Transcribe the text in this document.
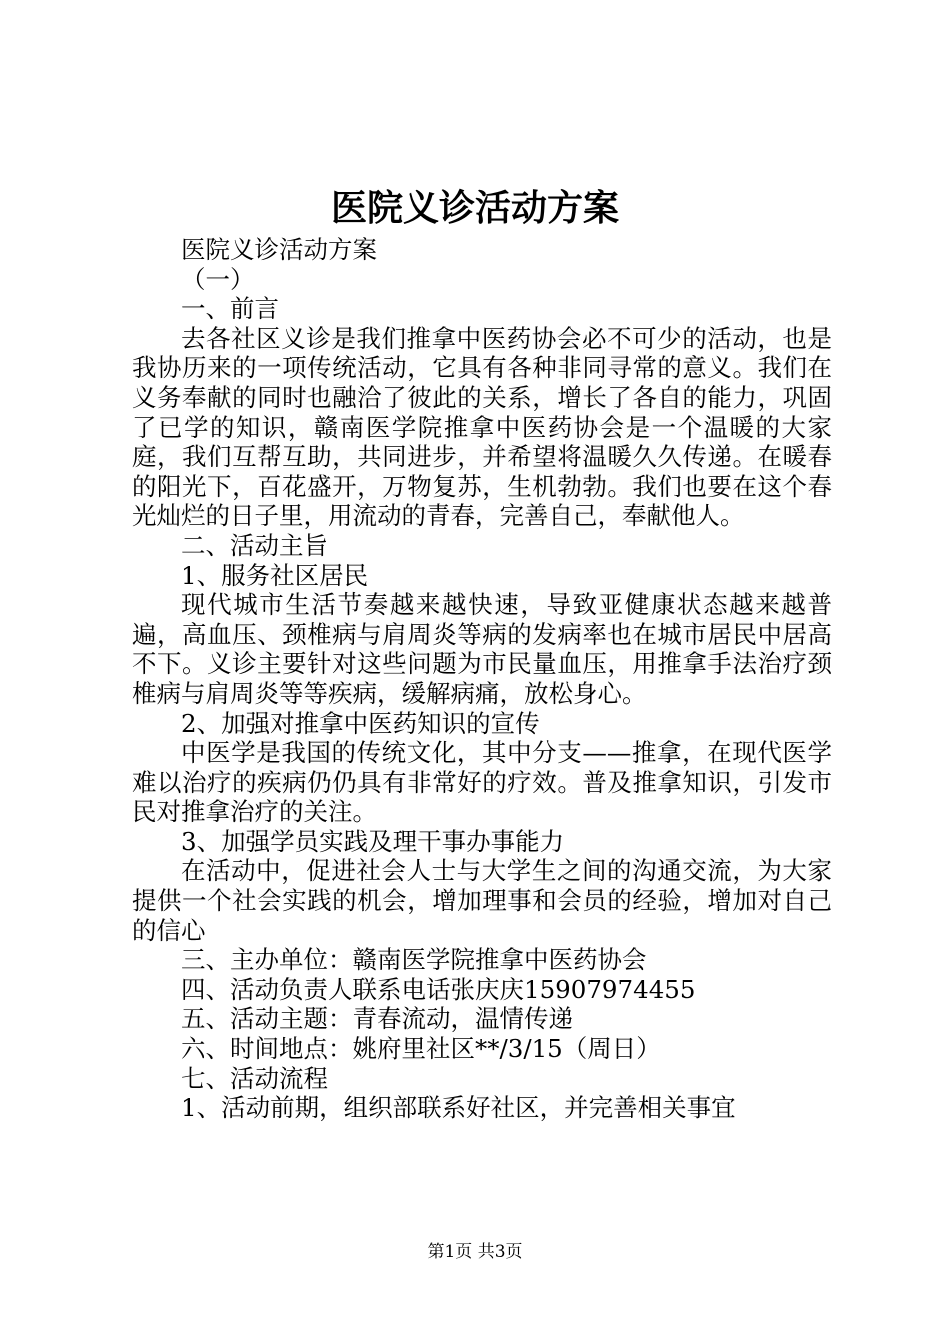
医院义诊活动方案

医院义诊活动方案

（一）

一、前言

去各社区义诊是我们推拿中医药协会必不可少的活动，也是我协历来的一项传统活动，它具有各种非同寻常的意义。我们在义务奉献的同时也融洽了彼此的关系，增长了各自的能力，巩固了已学的知识，赣南医学院推拿中医药协会是一个温暖的大家庭，我们互帮互助，共同进步，并希望将温暖久久传递。在暖春的阳光下，百花盛开，万物复苏，生机勃勃。我们也要在这个春光灿烂的日子里，用流动的青春，完善自己，奉献他人。

二、活动主旨

1、服务社区居民

现代城市生活节奏越来越快速，导致亚健康状态越来越普遍，高血压、颈椎病与肩周炎等病的发病率也在城市居民中居高不下。义诊主要针对这些问题为市民量血压，用推拿手法治疗颈椎病与肩周炎等等疾病，缓解病痛，放松身心。

2、加强对推拿中医药知识的宣传

中医学是我国的传统文化，其中分支——推拿，在现代医学难以治疗的疾病仍仍具有非常好的疗效。普及推拿知识，引发市民对推拿治疗的关注。

3、加强学员实践及理干事办事能力

在活动中，促进社会人士与大学生之间的沟通交流，为大家提供一个社会实践的机会，增加理事和会员的经验，增加对自己的信心

三、主办单位：赣南医学院推拿中医药协会

四、活动负责人联系电话张庆庆15907974455

五、活动主题：青春流动，温情传递

六、时间地点：姚府里社区**/3/15（周日）

七、活动流程

1、活动前期，组织部联系好社区，并完善相关事宜

第1页 共3页
